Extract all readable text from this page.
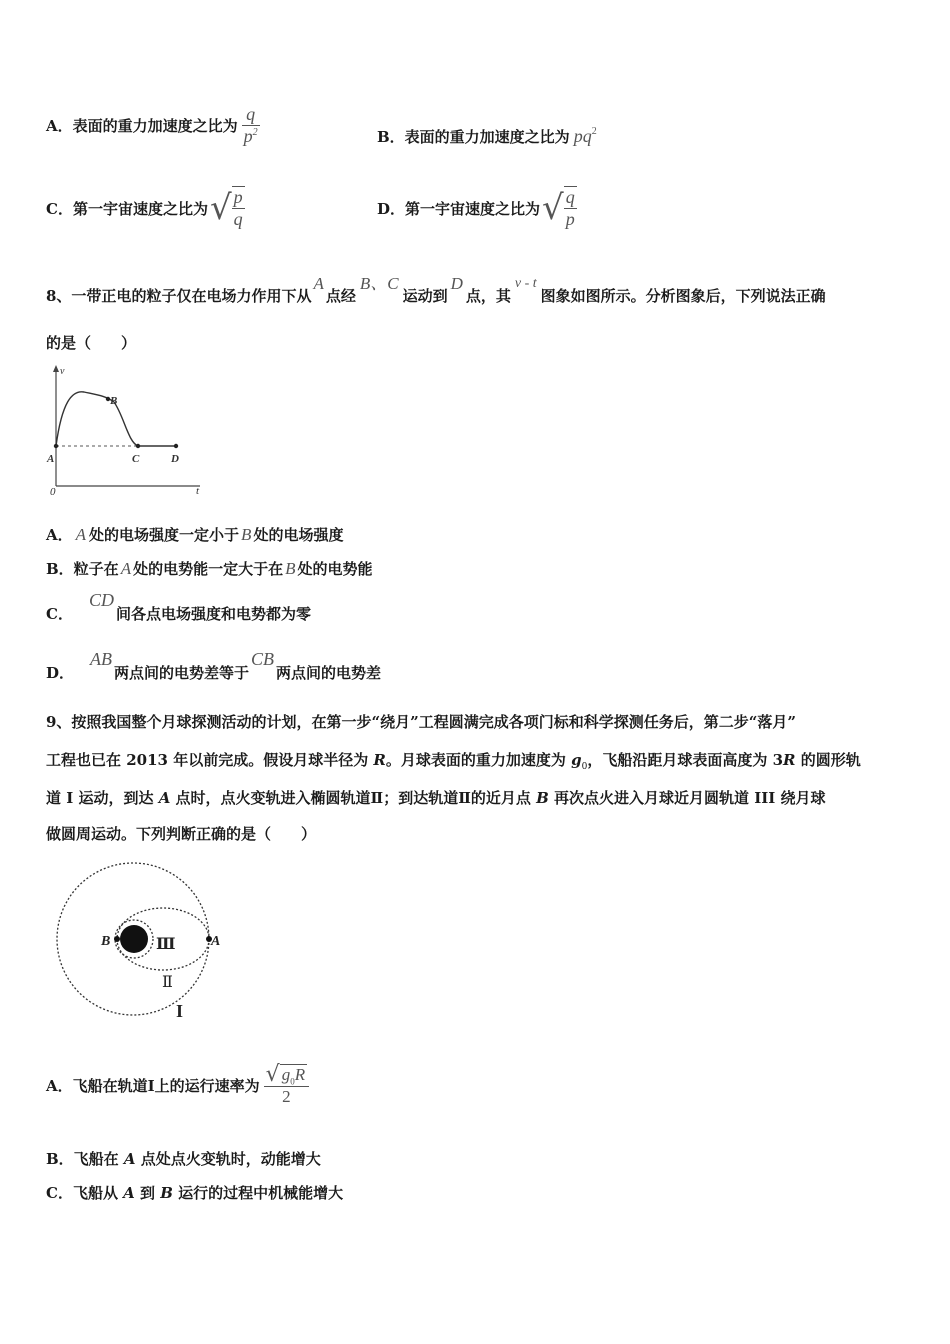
A．表面的重力加速度之比为 $\frac{q}{p^2}$	B．表面的重力加速度之比为 $pq^2$
C．第一宇宙速度之比为 √ $\frac{p}{q}$	D．第一宇宙速度之比为 √ $\frac{q}{p}$
8、一带正电的粒子仅在电场力作用下从
A
点经
B、C
运动到
D
点，其
v - t
图象如图所示。分析图象后，下列说法正确
的是（　　）
v
t
0
A
B
C	D
A． A 处的电场强度一定小于 B 处的电场强度
B．粒子在 A 处的电势能一定大于在 B 处的电势能
C．
CD
间各点电场强度和电势都为零
D．
AB
两点间的电势差等于
CB
两点间的电势差
9、按照我国整个月球探测活动的计划，在第一步“绕月”工程圆满完成各项门标和科学探测任务后，第二步“落月”
工程也已在 2013 年以前完成。假设月球半径为 R。月球表面的重力加速度为 $g_0$，飞船沿距月球表面高度为 3R 的圆形轨
道 I 运动，到达 A 点时，点火变轨进入椭圆轨道Ⅱ；到达轨道Ⅱ的近月点 B 再次点火进入月球近月圆轨道 III 绕月球
做圆周运动。下列判断正确的是（　　）
B	A
Ⅲ
Ⅱ
I
A．飞船在轨道Ⅰ上的运行速率为 $\frac{√ g_0R}{2}$
B．飞船在 A 点处点火变轨时，动能增大
C．飞船从 A 到 B 运行的过程中机械能增大
